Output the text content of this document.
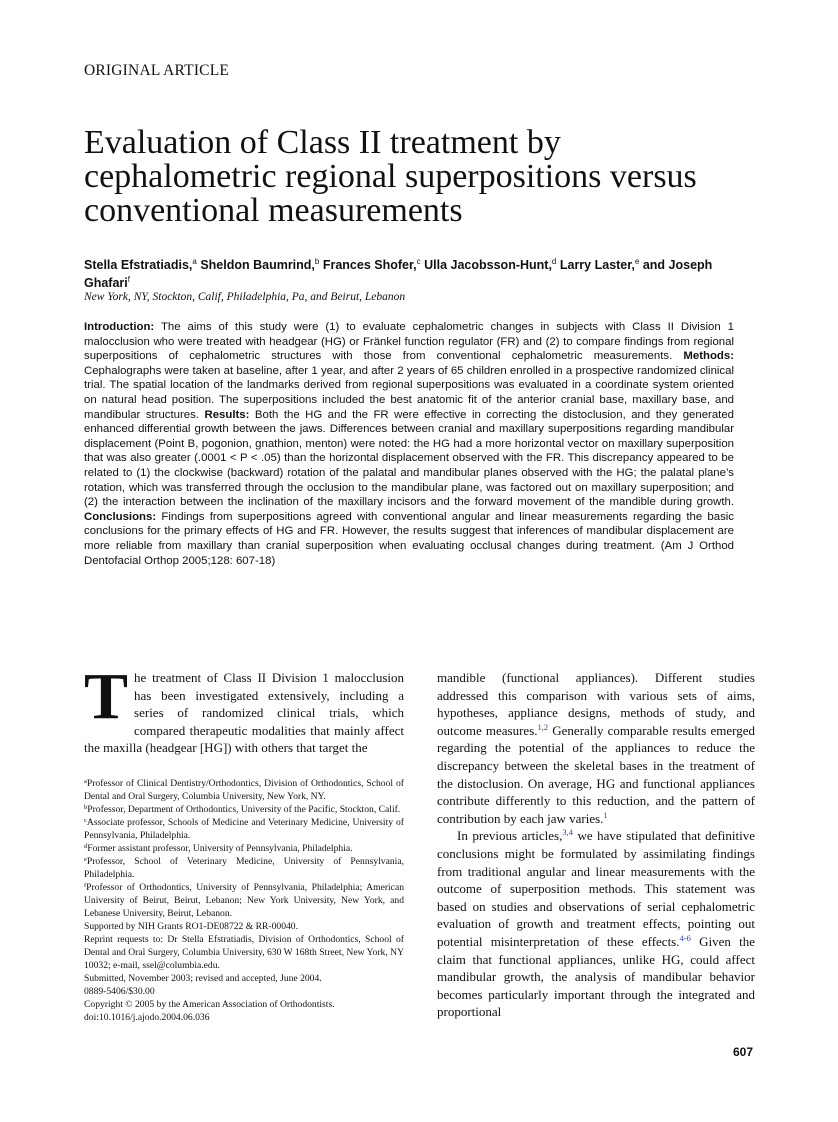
ORIGINAL ARTICLE
Evaluation of Class II treatment by
cephalometric regional superpositions versus
conventional measurements
Stella Efstratiadis,$^a$ Sheldon Baumrind,$^b$ Frances Shofer,$^c$ Ulla Jacobsson-Hunt,$^d$ Larry Laster,$^e$ and Joseph Ghafari$^f$
New York, NY, Stockton, Calif, Philadelphia, Pa, and Beirut, Lebanon
Introduction: The aims of this study were (1) to evaluate cephalometric changes in subjects with Class II Division 1 malocclusion who were treated with headgear (HG) or Fränkel function regulator (FR) and (2) to compare findings from regional superpositions of cephalometric structures with those from conventional cephalometric measurements. Methods: Cephalographs were taken at baseline, after 1 year, and after 2 years of 65 children enrolled in a prospective randomized clinical trial. The spatial location of the landmarks derived from regional superpositions was evaluated in a coordinate system oriented on natural head position. The superpositions included the best anatomic fit of the anterior cranial base, maxillary base, and mandibular structures. Results: Both the HG and the FR were effective in correcting the distoclusion, and they generated enhanced differential growth between the jaws. Differences between cranial and maxillary superpositions regarding mandibular displacement (Point B, pogonion, gnathion, menton) were noted: the HG had a more horizontal vector on maxillary superposition that was also greater (.0001 < P < .05) than the horizontal displacement observed with the FR. This discrepancy appeared to be related to (1) the clockwise (backward) rotation of the palatal and mandibular planes observed with the HG; the palatal plane’s rotation, which was transferred through the occlusion to the mandibular plane, was factored out on maxillary superposition; and (2) the interaction between the inclination of the maxillary incisors and the forward movement of the mandible during growth. Conclusions: Findings from superpositions agreed with conventional angular and linear measurements regarding the basic conclusions for the primary effects of HG and FR. However, the results suggest that inferences of mandibular displacement are more reliable from maxillary than cranial superposition when evaluating occlusal changes during treatment. (Am J Orthod Dentofacial Orthop 2005;128: 607-18)

The treatment of Class II Division 1 malocclusion has been investigated extensively, including a series of randomized clinical trials, which compared therapeutic modalities that mainly affect the maxilla (headgear [HG]) with others that target the

$^a$Professor of Clinical Dentistry/Orthodontics, Division of Orthodontics, School of Dental and Oral Surgery, Columbia University, New York, NY.

$^b$Professor, Department of Orthodontics, University of the Pacific, Stockton, Calif.

$^c$Associate professor, Schools of Medicine and Veterinary Medicine, University of Pennsylvania, Philadelphia.

$^d$Former assistant professor, University of Pennsylvania, Philadelphia.

$^e$Professor, School of Veterinary Medicine, University of Pennsylvania, Philadelphia.

$^f$Professor of Orthodontics, University of Pennsylvania, Philadelphia; American University of Beirut, Beirut, Lebanon; New York University, New York, and Lebanese University, Beirut, Lebanon.

Supported by NIH Grants RO1-DE08722 & RR-00040.

Reprint requests to: Dr Stella Efstratiadis, Division of Orthodontics, School of Dental and Oral Surgery, Columbia University, 630 W 168th Street, New York, NY 10032; e-mail, ssel@columbia.edu.

Submitted, November 2003; revised and accepted, June 2004.

0889-5406/$30.00

Copyright © 2005 by the American Association of Orthodontists.

doi:10.1016/j.ajodo.2004.06.036

mandible (functional appliances). Different studies addressed this comparison with various sets of aims, hypotheses, appliance designs, methods of study, and outcome measures.$^{1,2}$ Generally comparable results emerged regarding the potential of the appliances to reduce the discrepancy between the skeletal bases in the treatment of the distoclusion. On average, HG and functional appliances contribute differently to this reduction, and the pattern of contribution by each jaw varies.$^1$

In previous articles,$^{3,4}$ we have stipulated that definitive conclusions might be formulated by assimilating findings from traditional angular and linear measurements with the outcome of superposition methods. This statement was based on studies and observations of serial cephalometric evaluation of growth and treatment effects, pointing out potential misinterpretation of these effects.$^{4-6}$ Given the claim that functional appliances, unlike HG, could affect mandibular growth, the analysis of mandibular behavior becomes particularly important through the integrated and proportional

607
